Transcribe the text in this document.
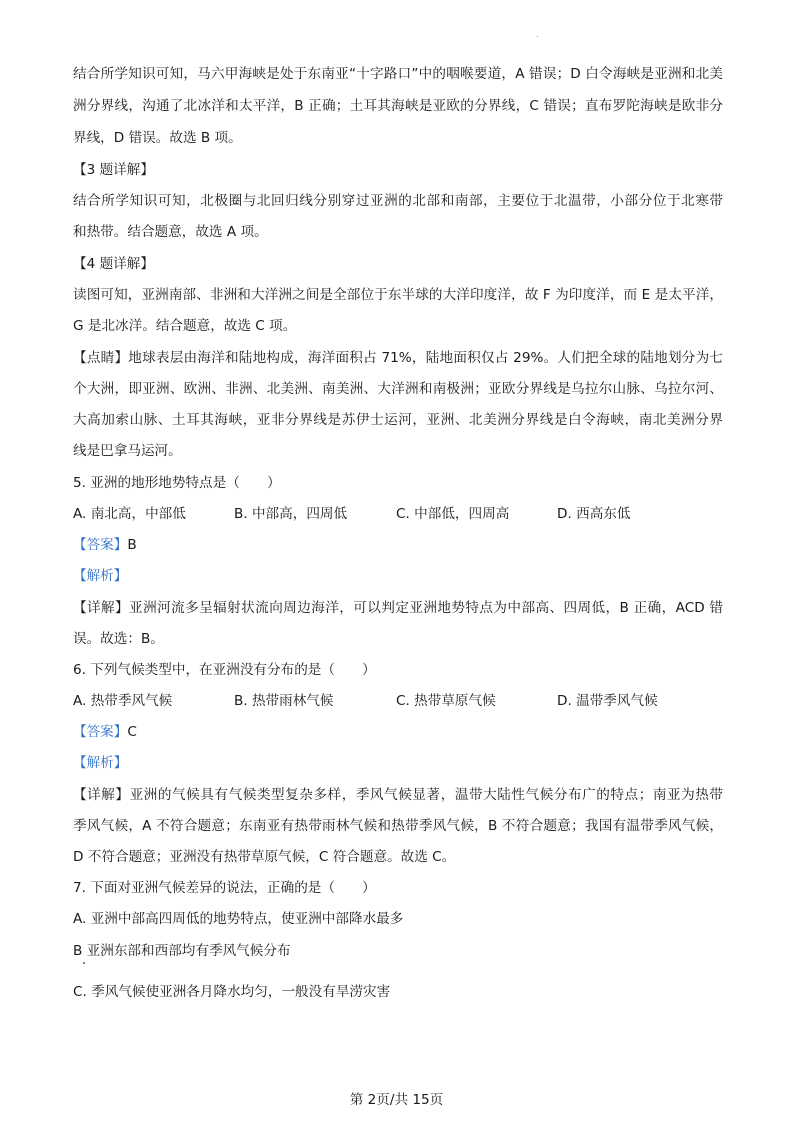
结合所学知识可知，马六甲海峡是处于东南亚“十字路口”中的咽喉要道，A 错误；D 白令海峡是亚洲和北美
洲分界线，沟通了北冰洋和太平洋，B 正确；土耳其海峡是亚欧的分界线，C 错误；直布罗陀海峡是欧非分
界线，D 错误。故选 B 项。
【3 题详解】
结合所学知识可知，北极圈与北回归线分别穿过亚洲的北部和南部，主要位于北温带，小部分位于北寒带
和热带。结合题意，故选 A 项。
【4 题详解】
读图可知，亚洲南部、非洲和大洋洲之间是全部位于东半球的大洋印度洋，故 F 为印度洋，而 E 是太平洋，
G 是北冰洋。结合题意，故选 C 项。
【点睛】地球表层由海洋和陆地构成，海洋面积占 71%，陆地面积仅占 29%。人们把全球的陆地划分为七
个大洲，即亚洲、欧洲、非洲、北美洲、南美洲、大洋洲和南极洲；亚欧分界线是乌拉尔山脉、乌拉尔河、
大高加索山脉、土耳其海峡，亚非分界线是苏伊士运河，亚洲、北美洲分界线是白令海峡，南北美洲分界
线是巴拿马运河。
5. 亚洲的地形地势特点是（　　）
A. 南北高，中部低	B. 中部高，四周低	C. 中部低，四周高	D. 西高东低
【答案】B
【解析】
【详解】亚洲河流多呈辐射状流向周边海洋，可以判定亚洲地势特点为中部高、四周低，B 正确，ACD 错
误。故选：B。
6. 下列气候类型中，在亚洲没有分布的是（　　）
A. 热带季风气候	B. 热带雨林气候	C. 热带草原气候	D. 温带季风气候
【答案】C
【解析】
【详解】亚洲的气候具有气候类型复杂多样，季风气候显著，温带大陆性气候分布广的特点；南亚为热带
季风气候，A 不符合题意；东南亚有热带雨林气候和热带季风气候，B 不符合题意；我国有温带季风气候，
D 不符合题意；亚洲没有热带草原气候，C 符合题意。故选 C。
7. 下面对亚洲气候差异的说法，正确的是（　　）
A. 亚洲中部高四周低的地势特点，使亚洲中部降水最多
B 亚洲东部和西部均有季风气候分布
C. 季风气候使亚洲各月降水均匀，一般没有旱涝灾害
第 2页/共 15页
